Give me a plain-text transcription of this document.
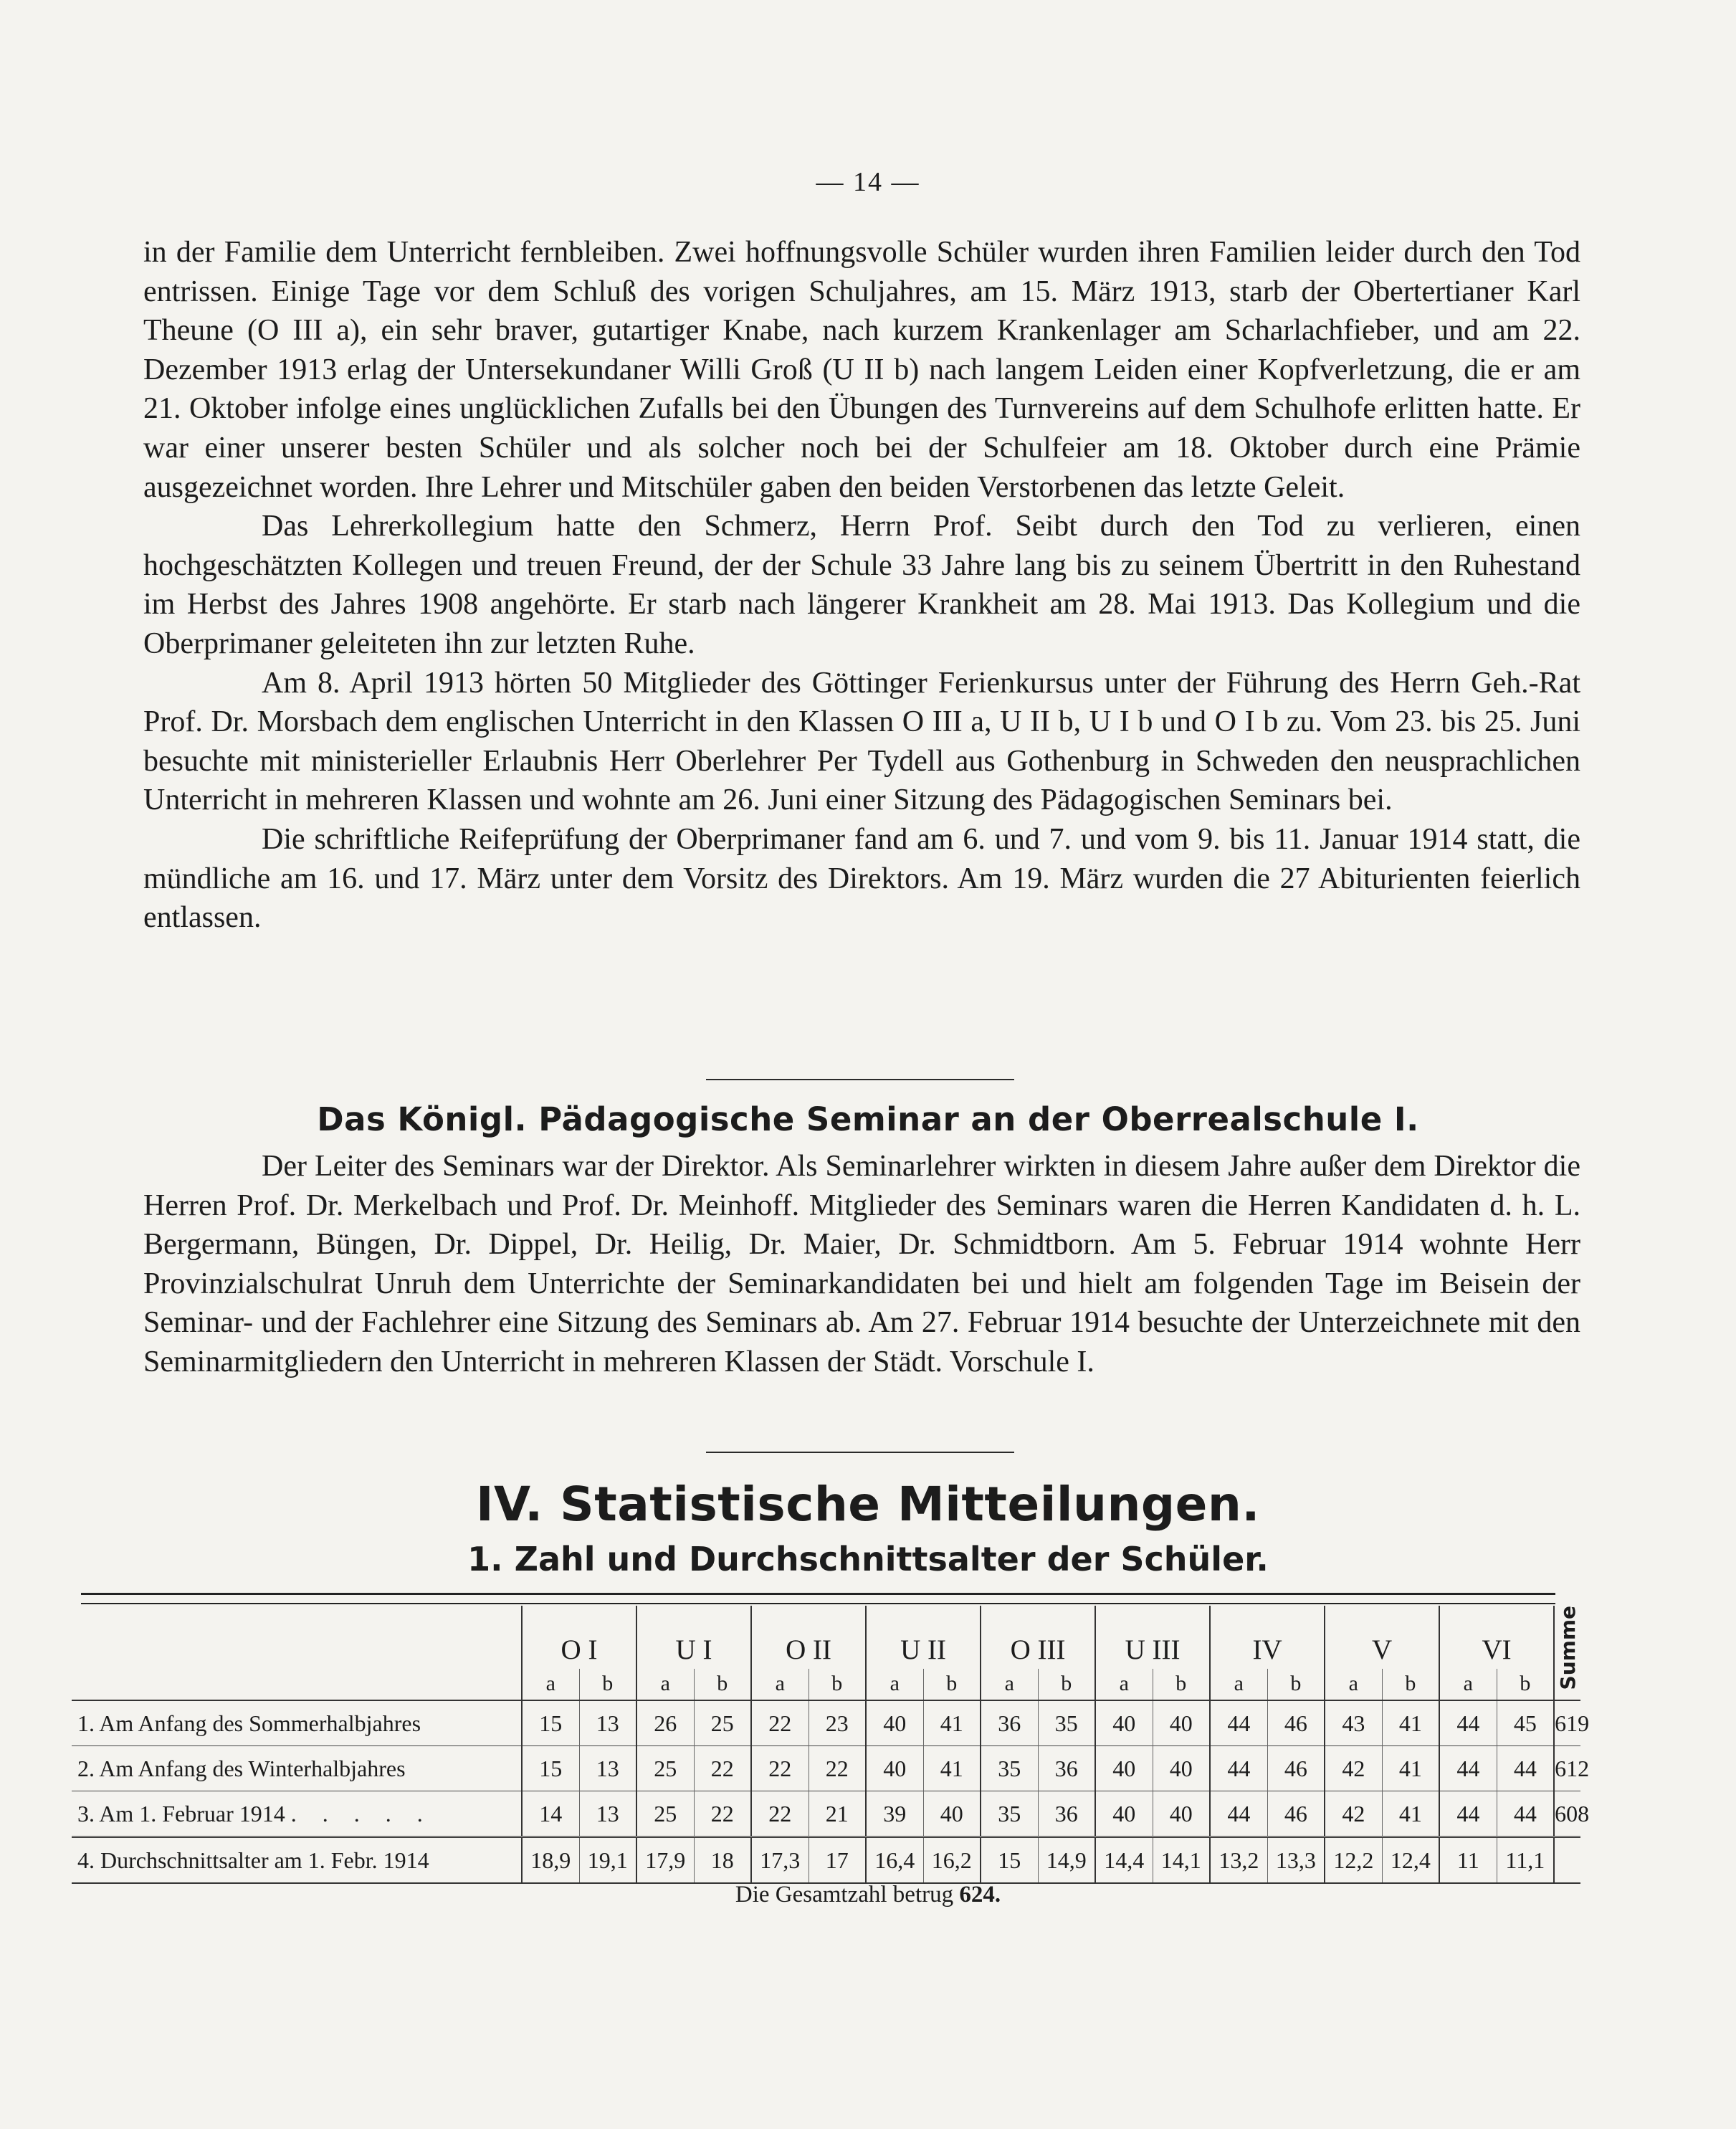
— 14 —

in der Familie dem Unterricht fernbleiben. Zwei hoffnungsvolle Schüler wurden ihren Familien leider durch den Tod entrissen. Einige Tage vor dem Schluß des vorigen Schuljahres, am 15. März 1913, starb der Obertertianer Karl Theune (O III a), ein sehr braver, gutartiger Knabe, nach kurzem Krankenlager am Scharlachfieber, und am 22. Dezember 1913 erlag der Untersekundaner Willi Groß (U II b) nach langem Leiden einer Kopfverletzung, die er am 21. Oktober infolge eines unglücklichen Zufalls bei den Übungen des Turnvereins auf dem Schulhofe erlitten hatte. Er war einer unserer besten Schüler und als solcher noch bei der Schulfeier am 18. Oktober durch eine Prämie ausgezeichnet worden. Ihre Lehrer und Mitschüler gaben den beiden Verstorbenen das letzte Geleit.

Das Lehrerkollegium hatte den Schmerz, Herrn Prof. Seibt durch den Tod zu verlieren, einen hochgeschätzten Kollegen und treuen Freund, der der Schule 33 Jahre lang bis zu seinem Übertritt in den Ruhestand im Herbst des Jahres 1908 angehörte. Er starb nach längerer Krankheit am 28. Mai 1913. Das Kollegium und die Oberprimaner geleiteten ihn zur letzten Ruhe.

Am 8. April 1913 hörten 50 Mitglieder des Göttinger Ferienkursus unter der Führung des Herrn Geh.-Rat Prof. Dr. Morsbach dem englischen Unterricht in den Klassen O III a, U II b, U I b und O I b zu. Vom 23. bis 25. Juni besuchte mit ministerieller Erlaubnis Herr Oberlehrer Per Tydell aus Gothenburg in Schweden den neusprachlichen Unterricht in mehreren Klassen und wohnte am 26. Juni einer Sitzung des Pädagogischen Seminars bei.

Die schriftliche Reifeprüfung der Oberprimaner fand am 6. und 7. und vom 9. bis 11. Januar 1914 statt, die mündliche am 16. und 17. März unter dem Vorsitz des Direktors. Am 19. März wurden die 27 Abiturienten feierlich entlassen.

Das Königl. Pädagogische Seminar an der Oberrealschule I.

Der Leiter des Seminars war der Direktor. Als Seminarlehrer wirkten in diesem Jahre außer dem Direktor die Herren Prof. Dr. Merkelbach und Prof. Dr. Meinhoff. Mitglieder des Seminars waren die Herren Kandidaten d. h. L. Bergermann, Büngen, Dr. Dippel, Dr. Heilig, Dr. Maier, Dr. Schmidtborn. Am 5. Februar 1914 wohnte Herr Provinzialschulrat Unruh dem Unterrichte der Seminarkandidaten bei und hielt am folgenden Tage im Beisein der Seminar- und der Fachlehrer eine Sitzung des Seminars ab. Am 27. Februar 1914 besuchte der Unterzeichnete mit den Seminarmitgliedern den Unterricht in mehreren Klassen der Städt. Vorschule I.

IV. Statistische Mitteilungen.
1. Zahl und Durchschnittsalter der Schüler.
	O I		U I		O II		U II		O III		U III		IV		V		VI		Summe
	a	b	a	b	a	b	a	b	a	b	a	b	a	b	a	b	a	b	
1. Am Anfang des Sommerhalbjahres	15	13	26	25	22	23	40	41	36	35	40	40	44	46	43	41	44	45	619
2. Am Anfang des Winterhalbjahres	15	13	25	22	22	22	40	41	35	36	40	40	44	46	42	41	44	44	612
3. Am 1. Februar 1914 . . . . .	14	13	25	22	22	21	39	40	35	36	40	40	44	46	42	41	44	44	608
4. Durchschnittsalter am 1. Febr. 1914	18,9	19,1	17,9	18	17,3	17	16,4	16,2	15	14,9	14,4	14,1	13,2	13,3	12,2	12,4	11	11,1	
Die Gesamtzahl betrug 624.
